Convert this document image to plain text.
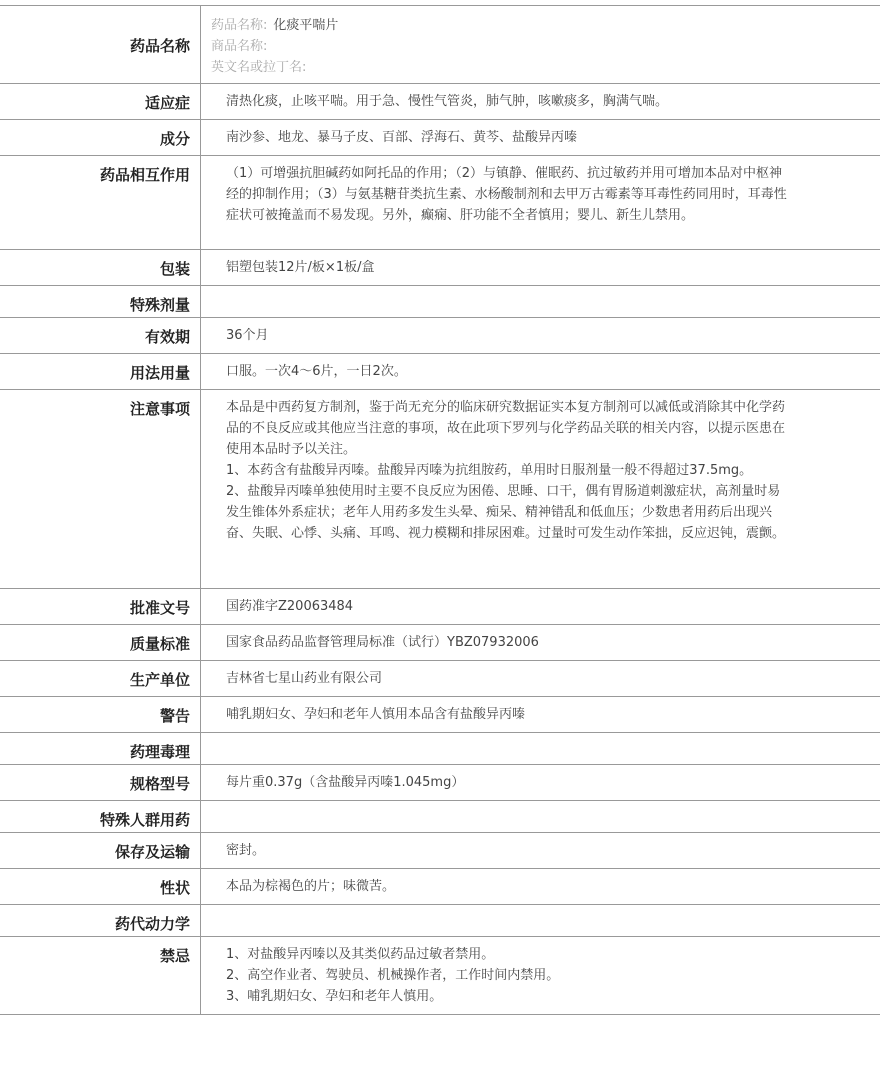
药品名称	药品名称: 化痰平喘片
商品名称:
英文名或拉丁名:

适应症	清热化痰，止咳平喘。用于急、慢性气管炎，肺气肿，咳嗽痰多，胸满气喘。
成分	南沙参、地龙、暴马子皮、百部、浮海石、黄芩、盐酸异丙嗪
药品相互作用	（1）可增强抗胆碱药如阿托品的作用；（2）与镇静、催眠药、抗过敏药并用可增加本品对中枢神经的抑制作用；（3）与氨基糖苷类抗生素、水杨酸制剂和去甲万古霉素等耳毒性药同用时，耳毒性症状可被掩盖而不易发现。另外，癫痫、肝功能不全者慎用；婴儿、新生儿禁用。
包装	铝塑包装12片/板×1板/盒
特殊剂量	
有效期	36个月
用法用量	口服。一次4～6片，一日2次。
注意事项	本品是中西药复方制剂，鉴于尚无充分的临床研究数据证实本复方制剂可以减低或消除其中化学药品的不良反应或其他应当注意的事项，故在此项下罗列与化学药品关联的相关内容，以提示医患在使用本品时予以关注。
1、本药含有盐酸异丙嗪。盐酸异丙嗪为抗组胺药，单用时日服剂量一般不得超过37.5mg。
2、盐酸异丙嗪单独使用时主要不良反应为困倦、思睡、口干，偶有胃肠道刺激症状，高剂量时易发生锥体外系症状；老年人用药多发生头晕、痴呆、精神错乱和低血压；少数患者用药后出现兴奋、失眠、心悸、头痛、耳鸣、视力模糊和排尿困难。过量时可发生动作笨拙，反应迟钝，震颤。

批准文号	国药准字Z20063484
质量标准	国家食品药品监督管理局标准（试行）YBZ07932006
生产单位	吉林省七星山药业有限公司
警告	哺乳期妇女、孕妇和老年人慎用本品含有盐酸异丙嗪
药理毒理	
规格型号	每片重0.37g（含盐酸异丙嗪1.045mg）
特殊人群用药	
保存及运输	密封。
性状	本品为棕褐色的片；味微苦。
药代动力学	
禁忌	1、对盐酸异丙嗪以及其类似药品过敏者禁用。
2、高空作业者、驾驶员、机械操作者，工作时间内禁用。
3、哺乳期妇女、孕妇和老年人慎用。
